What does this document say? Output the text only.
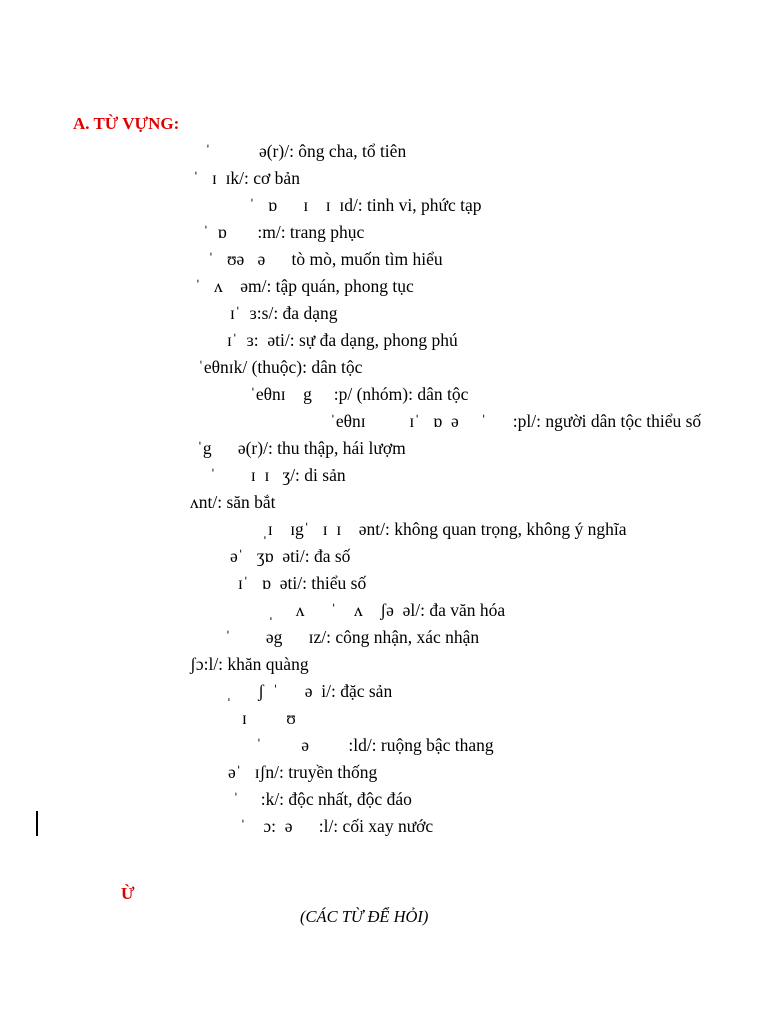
A. TỪ VỰNG:
ˈ           ə(r)/: ông cha, tổ tiên
ˈ   ɪ  ɪk/: cơ bản
ˈ   ɒ      ɪ    ɪ  ɪd/: tinh vi, phức tạp
ˈ  ɒ       :m/: trang phục
ˈ   ʊə   ə      tò mò, muốn tìm hiểu
ˈ   ʌ    əm/: tập quán, phong tục
ɪˈ  ɜ:s/: đa dạng
ɪˈ  ɜ:  əti/: sự đa dạng, phong phú
ˈeθnɪk/ (thuộc): dân tộc
ˈeθnɪ    g     :p/ (nhóm): dân tộc
ˈeθnɪ          ɪˈ   ɒ  ə     ˈ      :pl/: người dân tộc thiểu số
ˈg      ə(r)/: thu thập, hái lượm
ˈ        ɪ  ɪ   ʒ/: di sản
ʌnt/: săn bắt
ˌɪ    ɪgˈ   ɪ  ɪ    ənt/: không quan trọng, không ý nghĩa
əˈ   ʒɒ  əti/: đa số
ɪˈ   ɒ  əti/: thiểu số
ˌ     ʌ      ˈ    ʌ    ʃə  əl/: đa văn hóa
ˈ        əg      ɪz/: công nhận, xác nhận
ʃɔ:l/: khăn quàng
ˌ      ʃ  ˈ      ə  i/: đặc sản
ɪ         ʊ
ˈ         ə         :ld/: ruộng bậc thang
əˈ   ɪʃn/: truyền thống
ˈ     :k/: độc nhất, độc đáo
ˈ    ɔ:  ə      :l/: cối xay nước
Ừ
(CÁC TỪ ĐỂ HỎI)
